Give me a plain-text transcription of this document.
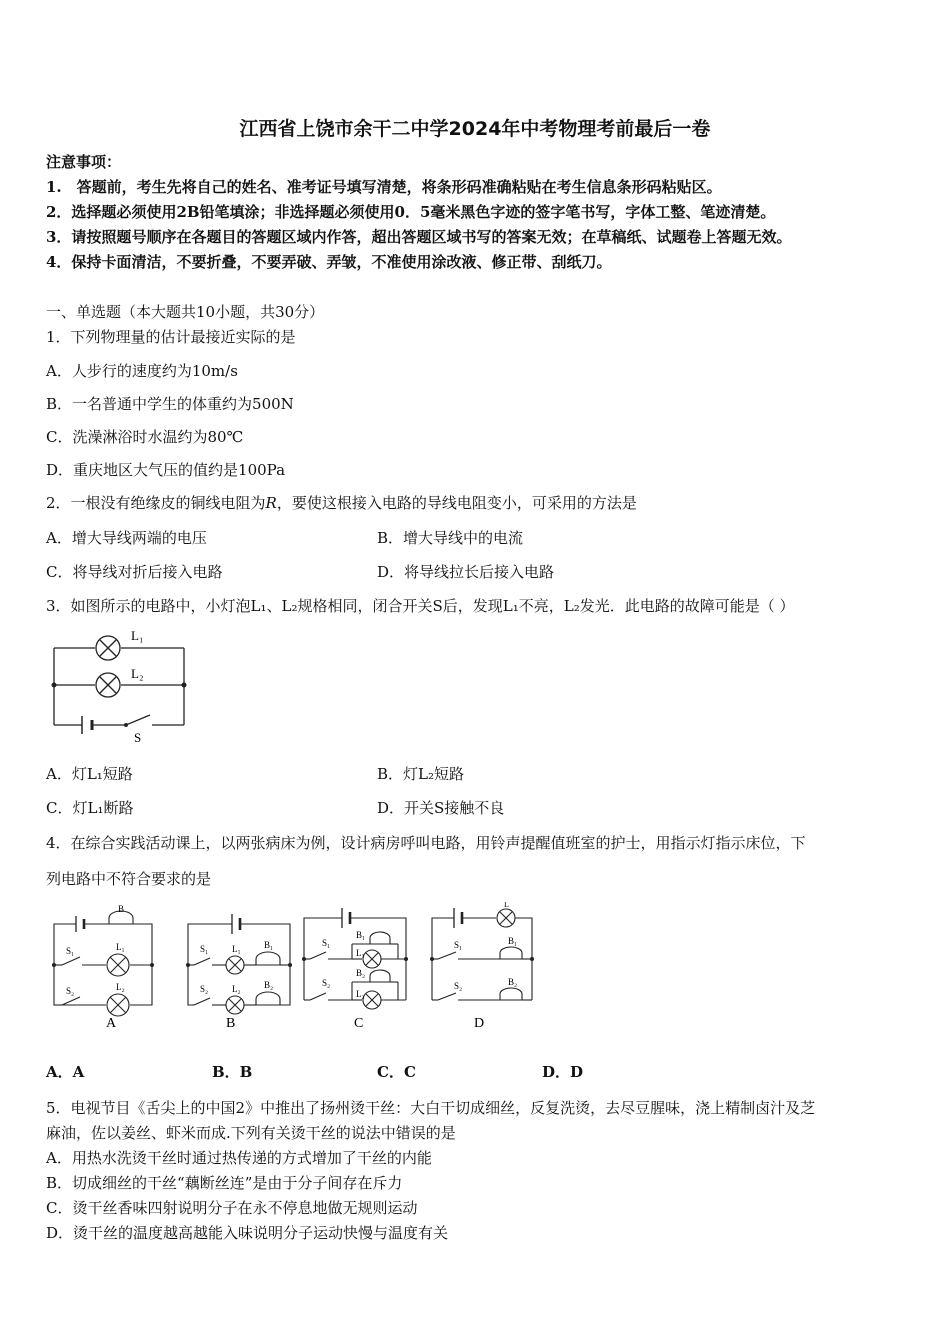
江西省上饶市余干二中学2024年中考物理考前最后一卷
注意事项：
1.　答题前，考生先将自己的姓名、准考证号填写清楚，将条形码准确粘贴在考生信息条形码粘贴区。
2．选择题必须使用2B铅笔填涂；非选择题必须使用0．5毫米黑色字迹的签字笔书写，字体工整、笔迹清楚。
3．请按照题号顺序在各题目的答题区域内作答，超出答题区域书写的答案无效；在草稿纸、试题卷上答题无效。
4．保持卡面清洁，不要折叠，不要弄破、弄皱，不准使用涂改液、修正带、刮纸刀。
一、单选题（本大题共10小题，共30分）
1．下列物理量的估计最接近实际的是
A．人步行的速度约为10m/s
B．一名普通中学生的体重约为500N
C．洗澡淋浴时水温约为80℃
D．重庆地区大气压的值约是100Pa
2．一根没有绝缘皮的铜线电阻为R，要使这根接入电路的导线电阻变小，可采用的方法是
A．增大导线两端的电压	B．增大导线中的电流
C．将导线对折后接入电路	D．将导线拉长后接入电路
3．如图所示的电路中，小灯泡L₁、L₂规格相同，闭合开关S后，发现L₁不亮，L₂发光．此电路的故障可能是（ ）
L₁
L₂
S
A．灯L₁短路	B．灯L₂短路
C．灯L₁断路	D．开关S接触不良
4．在综合实践活动课上，以两张病床为例，设计病房呼叫电路，用铃声提醒值班室的护士，用指示灯指示床位，下
列电路中不符合要求的是
B
S₁	L₁
S₂	L₂
A
S₁	L₁	B₁
S₂	L₂	B₂
B
S₁
B₁
L₁
S₂
B₂
L₂
C
L
S₁	B₁
S₂	B₂
D
A．A	B．B	C．C	D．D
5．电视节目《舌尖上的中国2》中推出了扬州烫干丝：大白干切成细丝，反复洗烫，去尽豆腥味，浇上精制卤汁及芝
麻油，佐以姜丝、虾米而成.下列有关烫干丝的说法中错误的是
A．用热水洗烫干丝时通过热传递的方式增加了干丝的内能
B．切成细丝的干丝“藕断丝连”是由于分子间存在斥力
C．烫干丝香味四射说明分子在永不停息地做无规则运动
D．烫干丝的温度越高越能入味说明分子运动快慢与温度有关
